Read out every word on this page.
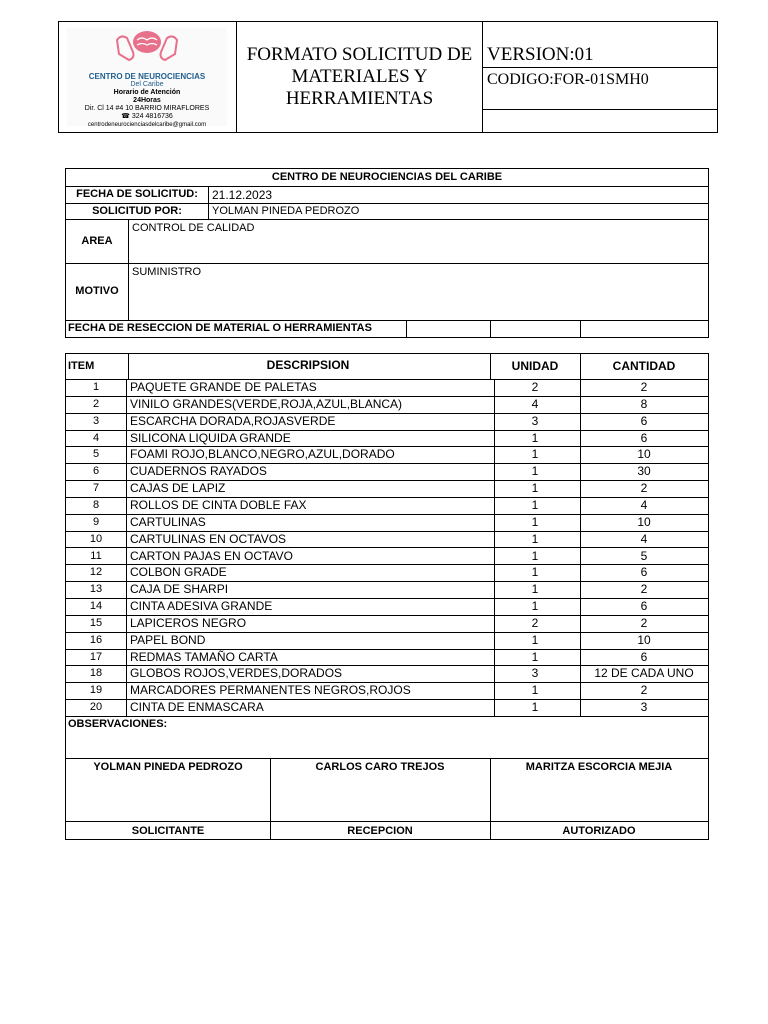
CENTRO DE NEUROCIENCIAS
Del Caribe
Horario de Atención
24Horas
Dir. Cl 14 #4 10 BARRIO MIRAFLORES
☎ 324 4816736
centrodeneurocienciasdelcaribe@gmail.com
FORMATO SOLICITUD DE MATERIALES Y HERRAMIENTAS
VERSION:01
CODIGO:FOR-01SMH0
CENTRO DE NEUROCIENCIAS DEL CARIBE
FECHA DE SOLICITUD:	21.12.2023
SOLICITUD POR:	YOLMAN PINEDA PEDROZO
AREA
CONTROL DE CALIDAD
MOTIVO
SUMINISTRO
FECHA DE RESECCION DE MATERIAL O HERRAMIENTAS
ITEM	DESCRIPSION	UNIDAD	CANTIDAD
1	PAQUETE GRANDE DE PALETAS	2	2
2	VINILO GRANDES(VERDE,ROJA,AZUL,BLANCA)	4	8
3	ESCARCHA DORADA,ROJASVERDE	3	6
4	SILICONA LIQUIDA GRANDE	1	6
5	FOAMI ROJO,BLANCO,NEGRO,AZUL,DORADO	1	10
6	CUADERNOS RAYADOS	1	30
7	CAJAS DE LAPIZ	1	2
8	ROLLOS DE CINTA DOBLE FAX	1	4
9	CARTULINAS	1	10
10	CARTULINAS EN OCTAVOS	1	4
11	CARTON PAJAS EN OCTAVO	1	5
12	COLBON GRADE	1	6
13	CAJA DE SHARPI	1	2
14	CINTA ADESIVA GRANDE	1	6
15	LAPICEROS NEGRO	2	2
16	PAPEL BOND	1	10
17	REDMAS TAMAÑO CARTA	1	6
18	GLOBOS ROJOS,VERDES,DORADOS	3	12 DE CADA UNO
19	MARCADORES PERMANENTES NEGROS,ROJOS	1	2
20	CINTA DE ENMASCARA	1	3
OBSERVACIONES:
YOLMAN PINEDA PEDROZO	CARLOS CARO TREJOS	MARITZA ESCORCIA MEJIA
SOLICITANTE	RECEPCION	AUTORIZADO
